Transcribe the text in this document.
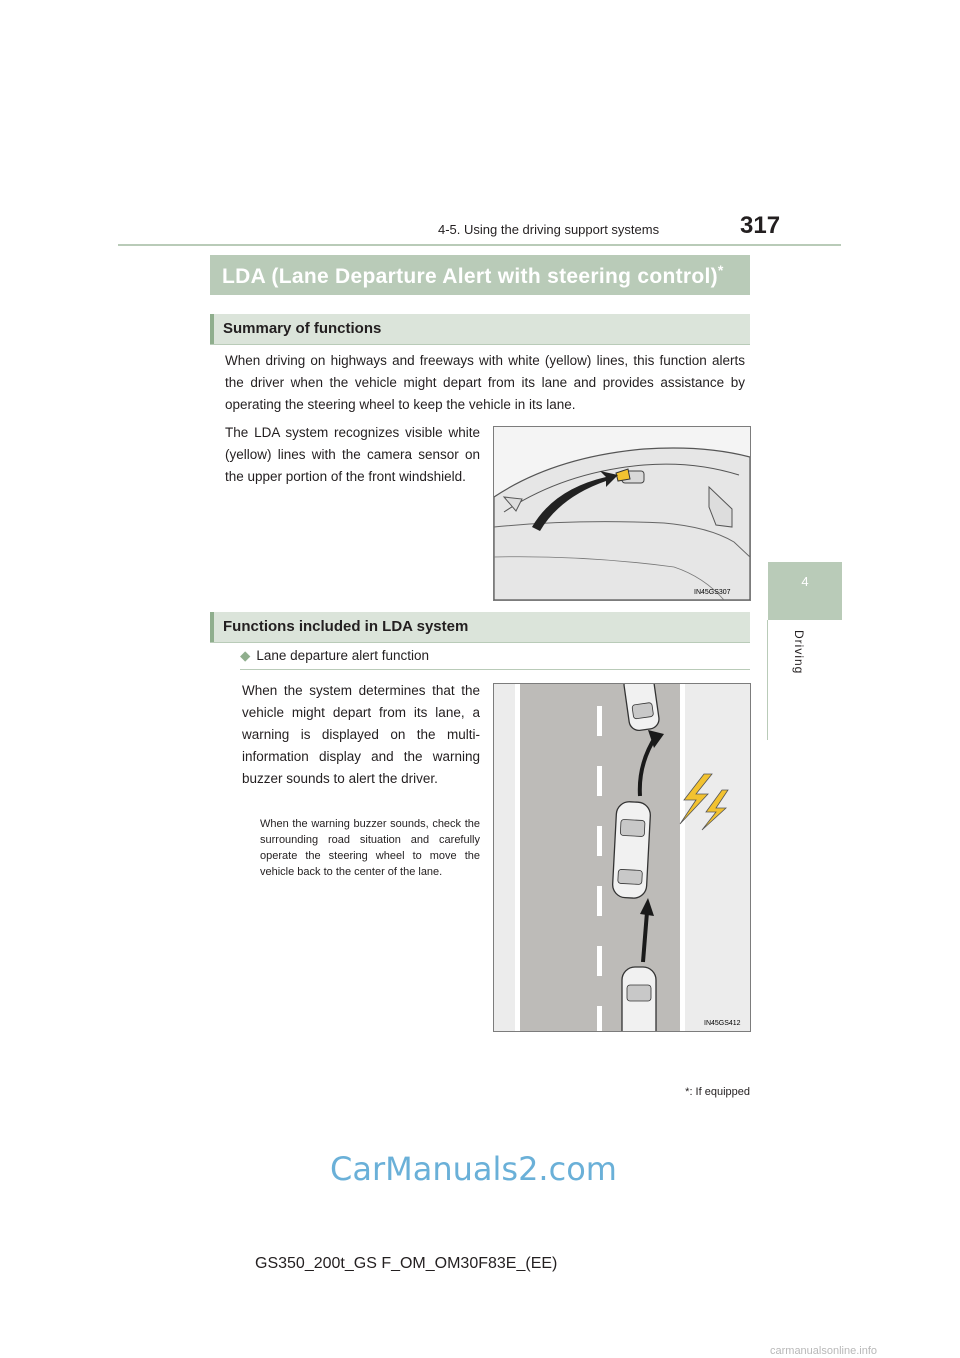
317
4-5. Using the driving support systems
4
Driving
LDA (Lane Departure Alert with steering control)*
Summary of functions
When driving on highways and freeways with white (yellow) lines, this function alerts the driver when the vehicle might depart from its lane and provides assistance by operating the steering wheel to keep the vehicle in its lane.
The LDA system recognizes visible white (yellow) lines with the camera sensor on the upper portion of the front windshield.
IN45GS307
Functions included in LDA system
◆ Lane departure alert function
When the system determines that the vehicle might depart from its lane, a warning is displayed on the multi-information display and the warning buzzer sounds to alert the driver.
When the warning buzzer sounds, check the surrounding road situation and carefully operate the steering wheel to move the vehicle back to the center of the lane.
IN45GS412
*: If equipped
CarManuals2.com
GS350_200t_GS F_OM_OM30F83E_(EE)
carmanualsonline.info
